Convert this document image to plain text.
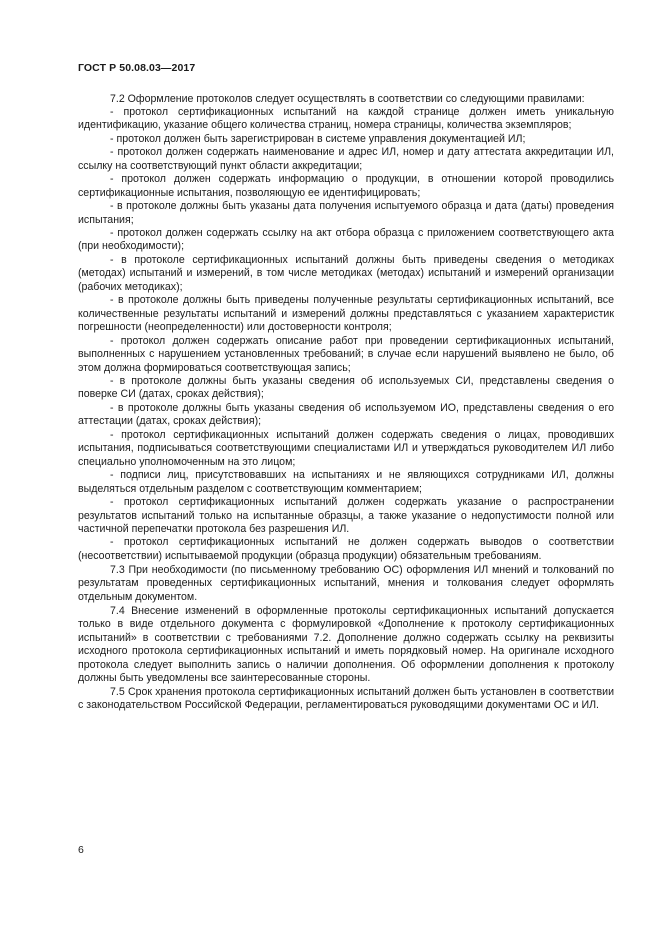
ГОСТ Р 50.08.03—2017

7.2 Оформление протоколов следует осуществлять в соответствии со следующими правилами:

- протокол сертификационных испытаний на каждой странице должен иметь уникальную идентификацию, указание общего количества страниц, номера страницы, количества экземпляров;

- протокол должен быть зарегистрирован в системе управления документацией ИЛ;

- протокол должен содержать наименование и адрес ИЛ, номер и дату аттестата аккредитации ИЛ, ссылку на соответствующий пункт области аккредитации;

- протокол должен содержать информацию о продукции, в отношении которой проводились сертификационные испытания, позволяющую ее идентифицировать;

- в протоколе должны быть указаны дата получения испытуемого образца и дата (даты) проведения испытания;

- протокол должен содержать ссылку на акт отбора образца с приложением соответствующего акта (при необходимости);

- в протоколе сертификационных испытаний должны быть приведены сведения о методиках (методах) испытаний и измерений, в том числе методиках (методах) испытаний и измерений организации (рабочих методиках);

- в протоколе должны быть приведены полученные результаты сертификационных испытаний, все количественные результаты испытаний и измерений должны представляться с указанием характеристик погрешности (неопределенности) или достоверности контроля;

- протокол должен содержать описание работ при проведении сертификационных испытаний, выполненных с нарушением установленных требований; в случае если нарушений выявлено не было, об этом должна формироваться соответствующая запись;

- в протоколе должны быть указаны сведения об используемых СИ, представлены сведения о поверке СИ (датах, сроках действия);

- в протоколе должны быть указаны сведения об используемом ИО, представлены сведения о его аттестации (датах, сроках действия);

- протокол сертификационных испытаний должен содержать сведения о лицах, проводивших испытания, подписываться соответствующими специалистами ИЛ и утверждаться руководителем ИЛ либо специально уполномоченным на это лицом;

- подписи лиц, присутствовавших на испытаниях и не являющихся сотрудниками ИЛ, должны выделяться отдельным разделом с соответствующим комментарием;

- протокол сертификационных испытаний должен содержать указание о распространении результатов испытаний только на испытанные образцы, а также указание о недопустимости полной или частичной перепечатки протокола без разрешения ИЛ.

- протокол сертификационных испытаний не должен содержать выводов о соответствии (несоответствии) испытываемой продукции (образца продукции) обязательным требованиям.

7.3 При необходимости (по письменному требованию ОС) оформления ИЛ мнений и толкований по результатам проведенных сертификационных испытаний, мнения и толкования следует оформлять отдельным документом.

7.4 Внесение изменений в оформленные протоколы сертификационных испытаний допускается только в виде отдельного документа с формулировкой «Дополнение к протоколу сертификационных испытаний» в соответствии с требованиями 7.2. Дополнение должно содержать ссылку на реквизиты исходного протокола сертификационных испытаний и иметь порядковый номер. На оригинале исходного протокола следует выполнить запись о наличии дополнения. Об оформлении дополнения к протоколу должны быть уведомлены все заинтересованные стороны.

7.5 Срок хранения протокола сертификационных испытаний должен быть установлен в соответствии с законодательством Российской Федерации, регламентироваться руководящими документами ОС и ИЛ.

6
